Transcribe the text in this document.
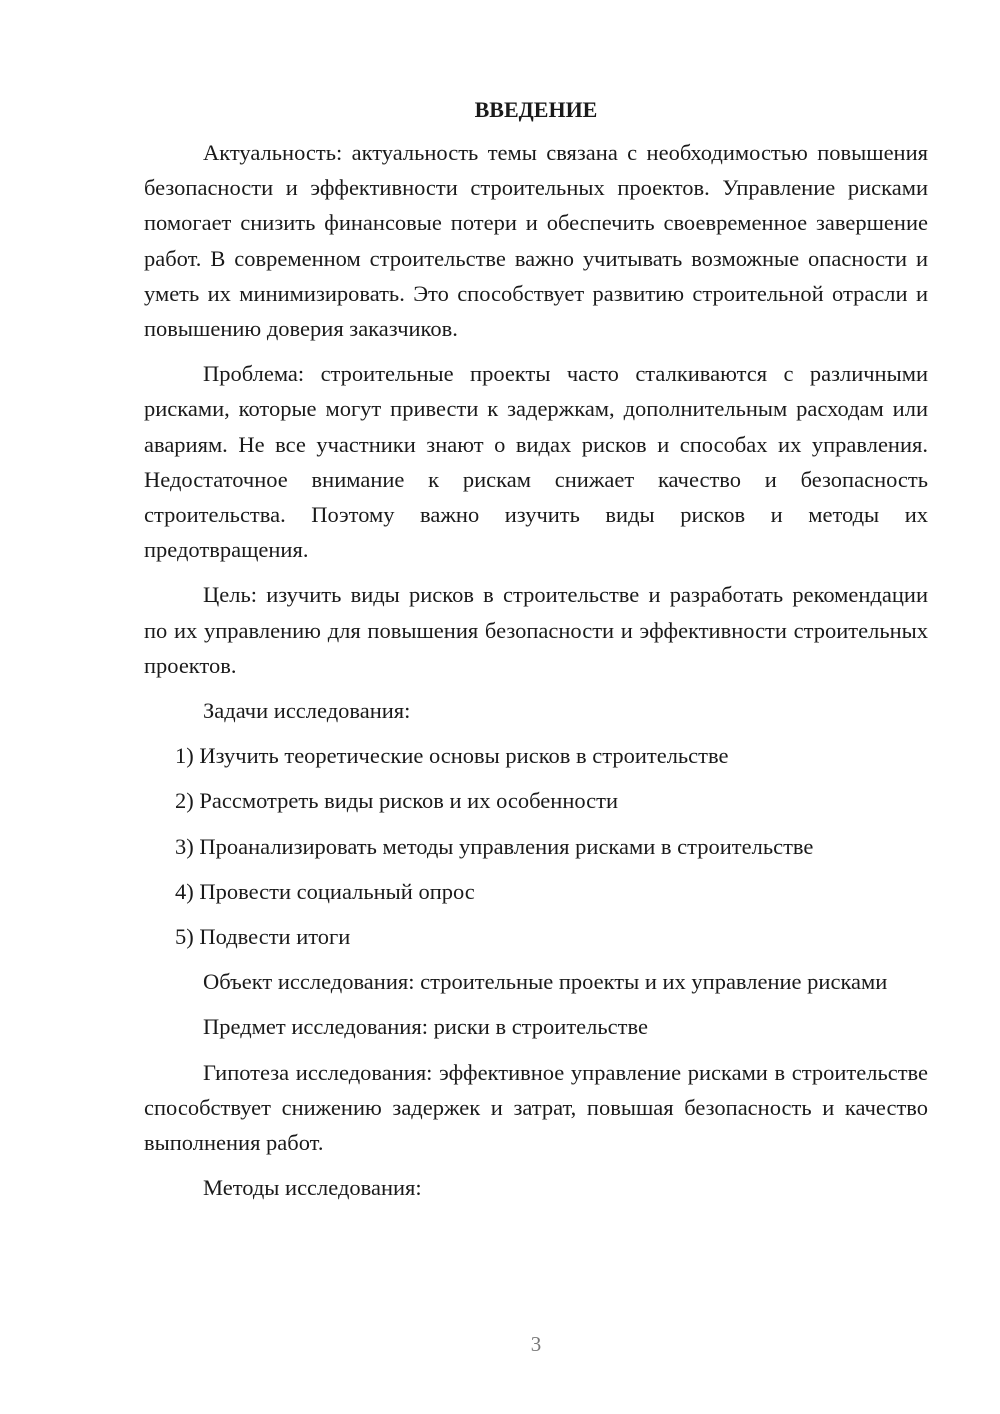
ВВЕДЕНИЕ

Актуальность: актуальность темы связана с необходимостью повышения безопасности и эффективности строительных проектов. Управление рисками помогает снизить финансовые потери и обеспечить своевременное завершение работ. В современном строительстве важно учитывать возможные опасности и уметь их минимизировать. Это способствует развитию строительной отрасли и повышению доверия заказчиков.

Проблема: строительные проекты часто сталкиваются с различными рисками, которые могут привести к задержкам, дополнительным расходам или авариям. Не все участники знают о видах рисков и способах их управления. Недостаточное внимание к рискам снижает качество и безопасность строительства. Поэтому важно изучить виды рисков и методы их предотвращения.

Цель: изучить виды рисков в строительстве и разработать рекомендации по их управлению для повышения безопасности и эффективности строительных проектов.

Задачи исследования:

1) Изучить теоретические основы рисков в строительстве
2) Рассмотреть виды рисков и их особенности
3) Проанализировать методы управления рисками в строительстве
4) Провести социальный опрос
5) Подвести итоги

Объект исследования: строительные проекты и их управление рисками

Предмет исследования: риски в строительстве

Гипотеза исследования: эффективное управление рисками в строительстве способствует снижению задержек и затрат, повышая безопасность и качество выполнения работ.

Методы исследования:

3
